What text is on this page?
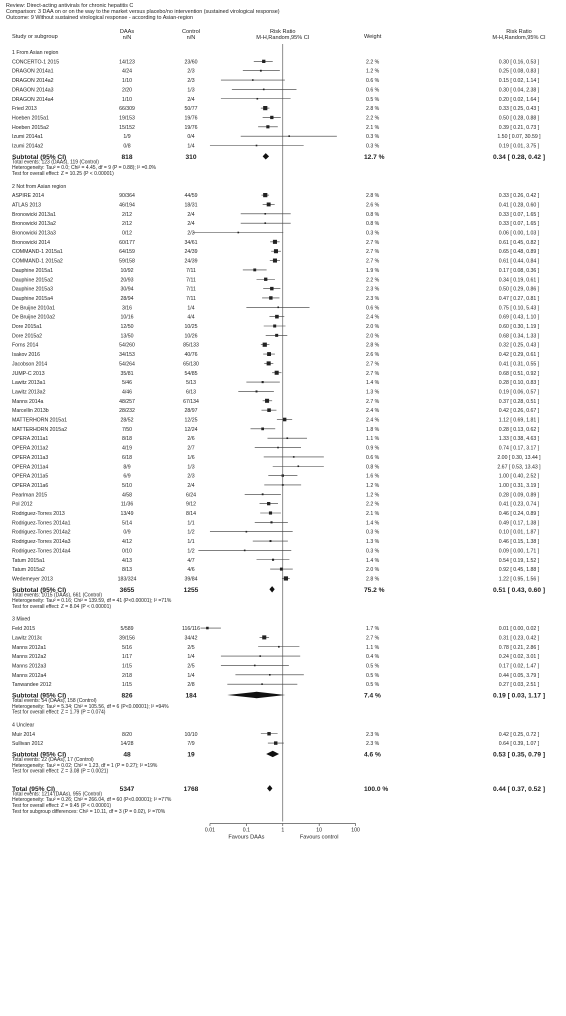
Review: Direct-acting antivirals for chronic hepatitis C
Comparison: 3 DAA on or on the way to the market versus placebo/no intervention (sustained virological response)
Outcome: 9 Without sustained virological response - according to Asian-region
Study or subgroup
DAAs
n/N
Control
n/N
Risk Ratio
M-H,Random,95% CI	Weight
Risk Ratio
M-H,Random,95% CI
1 From Asian region
CONCERTO-1 2015	14/123	23/60	2.2 %	0.30 [ 0.16, 0.53 ]
DRAGON 2014a1	4/24	2/3	1.2 %	0.25 [ 0.08, 0.83 ]
DRAGON 2014a2	1/10	2/3	0.6 %	0.15 [ 0.02, 1.14 ]
DRAGON 2014a3	2/20	1/3	0.6 %	0.30 [ 0.04, 2.38 ]
DRAGON 2014a4	1/10	2/4	0.5 %	0.20 [ 0.02, 1.64 ]
Fried 2013	66/309	50/77	2.8 %	0.33 [ 0.25, 0.43 ]
Hoeben 2015a1	19/153	19/76	2.2 %	0.50 [ 0.28, 0.88 ]
Hoeben 2015a2	15/152	19/76	2.1 %	0.39 [ 0.21, 0.73 ]
Izumi 2014a1	1/9	0/4	0.3 %	1.50 [ 0.07, 30.59 ]
Izumi 2014a2	0/8	1/4	0.3 %	0.19 [ 0.01, 3.75 ]
Subtotal (95% CI)	818	310	12.7 %	0.34 [ 0.28, 0.42 ]
Total events: 123 (DAAs), 119 (Control)
Heterogeneity: Tau² = 0.0; Chi² = 4.45, df = 9 (P = 0.88); I² =0.0%
Test for overall effect: Z = 10.25 (P < 0.00001)
2 Not from Asian region
ASPIRE 2014	90/364	44/59	2.8 %	0.33 [ 0.26, 0.42 ]
ATLAS 2013	46/194	18/31	2.6 %	0.41 [ 0.28, 0.60 ]
Bronowicki 2013a1	2/12	2/4	0.8 %	0.33 [ 0.07, 1.65 ]
Bronowicki 2013a2	2/12	2/4	0.8 %	0.33 [ 0.07, 1.65 ]
Bronowicki 2013a3	0/12	2/3	0.3 %	0.06 [ 0.00, 1.03 ]
Bronowicki 2014	60/177	34/61	2.7 %	0.61 [ 0.45, 0.82 ]
COMMAND-1 2015a1	64/159	24/39	2.7 %	0.65 [ 0.48, 0.89 ]
COMMAND-1 2015a2	59/158	24/39	2.7 %	0.61 [ 0.44, 0.84 ]
Dauphine 2015a1	10/92	7/11	1.9 %	0.17 [ 0.08, 0.36 ]
Dauphine 2015a2	20/93	7/11	2.2 %	0.34 [ 0.19, 0.61 ]
Dauphine 2015a3	30/94	7/11	2.3 %	0.50 [ 0.29, 0.86 ]
Dauphine 2015a4	28/94	7/11	2.3 %	0.47 [ 0.27, 0.81 ]
De Bruijne 2010a1	3/16	1/4	0.6 %	0.75 [ 0.10, 5.43 ]
De Bruijne 2010a2	10/16	4/4	2.4 %	0.69 [ 0.43, 1.10 ]
Dore 2015a1	12/50	10/25	2.0 %	0.60 [ 0.30, 1.19 ]
Dore 2015a2	13/50	10/26	2.0 %	0.68 [ 0.34, 1.33 ]
Forns 2014	54/260	85/133	2.8 %	0.32 [ 0.25, 0.43 ]
Isakov 2016	34/153	40/76	2.6 %	0.42 [ 0.29, 0.61 ]
Jacobson 2014	54/264	65/130	2.7 %	0.41 [ 0.31, 0.55 ]
JUMP-C 2013	35/81	54/85	2.7 %	0.68 [ 0.51, 0.92 ]
Lawitz 2013a1	5/46	5/13	1.4 %	0.28 [ 0.10, 0.83 ]
Lawitz 2013a2	4/46	6/13	1.3 %	0.19 [ 0.06, 0.57 ]
Manns 2014a	48/257	67/134	2.7 %	0.37 [ 0.28, 0.51 ]
Marcellin 2013b	28/232	28/97	2.4 %	0.42 [ 0.26, 0.67 ]
MATTERHORN 2015a1	28/52	12/25	2.4 %	1.12 [ 0.69, 1.81 ]
MATTERHORN 2015a2	7/50	12/24	1.8 %	0.28 [ 0.13, 0.62 ]
OPERA 2011a1	8/18	2/6	1.1 %	1.33 [ 0.38, 4.63 ]
OPERA 2011a2	4/19	2/7	0.9 %	0.74 [ 0.17, 3.17 ]
OPERA 2011a3	6/18	1/6	0.6 %	2.00 [ 0.30, 13.44 ]
OPERA 2011a4	8/9	1/3	0.8 %	2.67 [ 0.53, 13.43 ]
OPERA 2011a5	6/9	2/3	1.6 %	1.00 [ 0.40, 2.52 ]
OPERA 2011a6	5/10	2/4	1.2 %	1.00 [ 0.31, 3.19 ]
Pearlman 2015	4/58	6/24	1.2 %	0.28 [ 0.09, 0.89 ]
Pol 2012	11/36	9/12	2.2 %	0.41 [ 0.23, 0.74 ]
Rodriguez-Torres 2013	13/49	8/14	2.1 %	0.46 [ 0.24, 0.89 ]
Rodriguez-Torres 2014a1	5/14	1/1	1.4 %	0.49 [ 0.17, 1.38 ]
Rodriguez-Torres 2014a2	0/9	1/2	0.3 %	0.10 [ 0.01, 1.87 ]
Rodriguez-Torres 2014a3	4/12	1/1	1.3 %	0.46 [ 0.15, 1.38 ]
Rodriguez-Torres 2014a4	0/10	1/2	0.3 %	0.09 [ 0.00, 1.71 ]
Tatum 2015a1	4/13	4/7	1.4 %	0.54 [ 0.19, 1.52 ]
Tatum 2015a2	8/13	4/6	2.0 %	0.92 [ 0.45, 1.88 ]
Wedemeyer 2013	183/324	39/84	2.8 %	1.22 [ 0.95, 1.56 ]
Subtotal (95% CI)	3655	1255	75.2 %	0.51 [ 0.43, 0.60 ]
Total events: 1015 (DAAs), 661 (Control)
Heterogeneity: Tau² = 0.16; Chi² = 139.59, df = 41 (P<0.00001); I² =71%
Test for overall effect: Z = 8.04 (P < 0.00001)
3 Mixed
Feld 2015	5/589	116/116	1.7 %	0.01 [ 0.00, 0.02 ]
Lawitz 2013c	39/156	34/42	2.7 %	0.31 [ 0.23, 0.42 ]
Manns 2012a1	5/16	2/5	1.1 %	0.78 [ 0.21, 2.86 ]
Manns 2012a2	1/17	1/4	0.4 %	0.24 [ 0.02, 3.01 ]
Manns 2012a3	1/15	2/5	0.5 %	0.17 [ 0.02, 1.47 ]
Manns 2012a4	2/18	1/4	0.5 %	0.44 [ 0.05, 3.79 ]
Tanwandee 2012	1/15	2/8	0.5 %	0.27 [ 0.03, 2.51 ]
Subtotal (95% CI)	826	184	7.4 %	0.19 [ 0.03, 1.17 ]
Total events: 54 (DAAs), 158 (Control)
Heterogeneity: Tau² = 5.34; Chi² = 105.56, df = 6 (P<0.00001); I² =94%
Test for overall effect: Z = 1.79 (P = 0.074)
4 Unclear
Muir 2014	8/20	10/10	2.3 %	0.42 [ 0.25, 0.72 ]
Sullivan 2012	14/28	7/9	2.3 %	0.64 [ 0.39, 1.07 ]
Subtotal (95% CI)	48	19	4.6 %	0.53 [ 0.35, 0.79 ]
Total events: 22 (DAAs), 17 (Control)
Heterogeneity: Tau² = 0.02; Chi² = 1.23, df = 1 (P = 0.27); I² =19%
Test for overall effect: Z = 3.08 (P = 0.0021)
Total (95% CI)	5347	1768	100.0 %	0.44 [ 0.37, 0.52 ]
Total events: 1214 (DAAs), 955 (Control)
Heterogeneity: Tau² = 0.26; Chi² = 266.04, df = 60 (P<0.00001); I² =77%
Test for overall effect: Z = 9.45 (P < 0.00001)
Test for subgroup differences: Chi² = 10.11, df = 3 (P = 0.02), I² =70%
0.01	0.1	1	10	100
Favours DAAs	Favours control
